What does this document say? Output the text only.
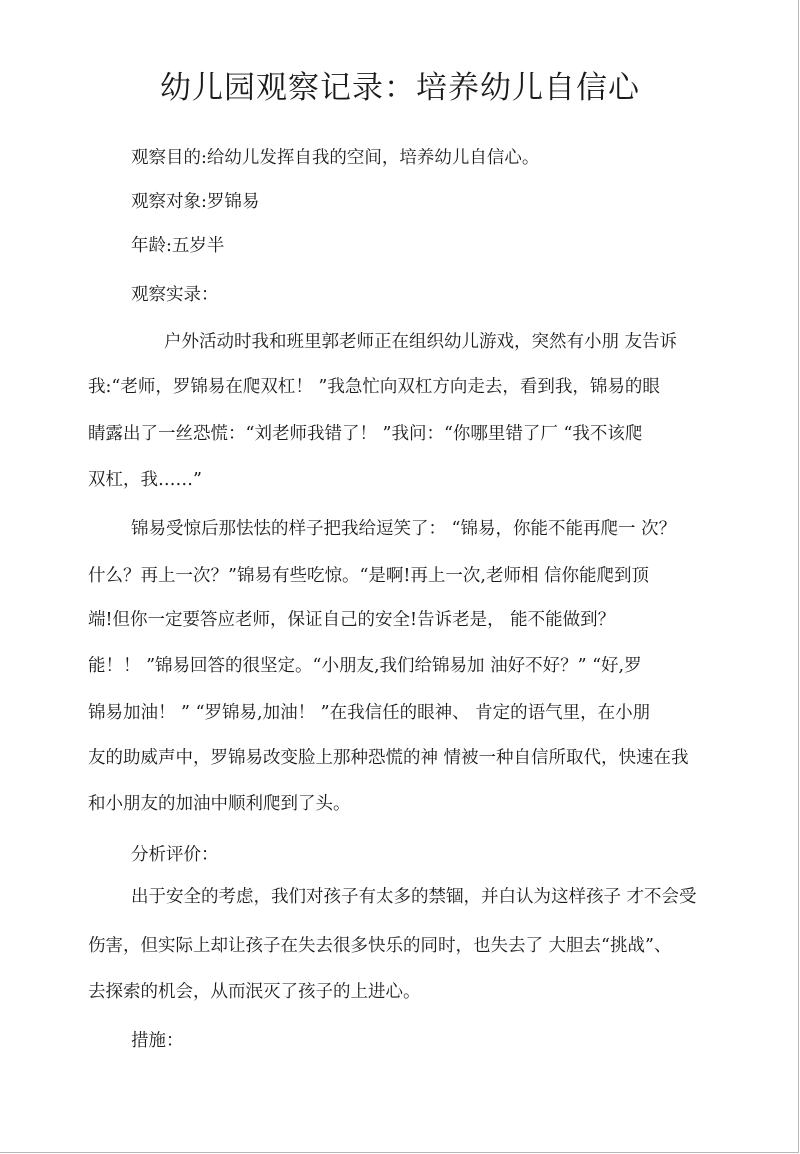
幼儿园观察记录：培养幼儿自信心
观察目的:给幼儿发挥自我的空间，培养幼儿自信心。
观察对象:罗锦易
年龄:五岁半
观察实录：
户外活动时我和班里郭老师正在组织幼儿游戏，突然有小朋 友告诉
我:“老师，罗锦易在爬双杠！ ”我急忙向双杠方向走去，看到我，锦易的眼
睛露出了一丝恐慌：“刘老师我错了！ ”我问：“你哪里错了厂 “我不该爬
双杠，我……”
锦易受惊后那怯怯的样子把我给逗笑了： “锦易，你能不能再爬一 次？
什么？再上一次？”锦易有些吃惊。“是啊!再上一次,老师相 信你能爬到顶
端!但你一定要答应老师，保证自己的安全!告诉老是， 能不能做到？
能！！ ”锦易回答的很坚定。“小朋友,我们给锦易加 油好不好？” “好,罗
锦易加油！ ” “罗锦易,加油！ ”在我信任的眼神、 肯定的语气里，在小朋
友的助威声中，罗锦易改变脸上那种恐慌的神 情被一种自信所取代，快速在我
和小朋友的加油中顺利爬到了头。
分析评价：
出于安全的考虑，我们对孩子有太多的禁锢，并白认为这样孩子 才不会受
伤害，但实际上却让孩子在失去很多快乐的同时，也失去了 大胆去“挑战”、
去探索的机会，从而泯灭了孩子的上进心。
措施：
